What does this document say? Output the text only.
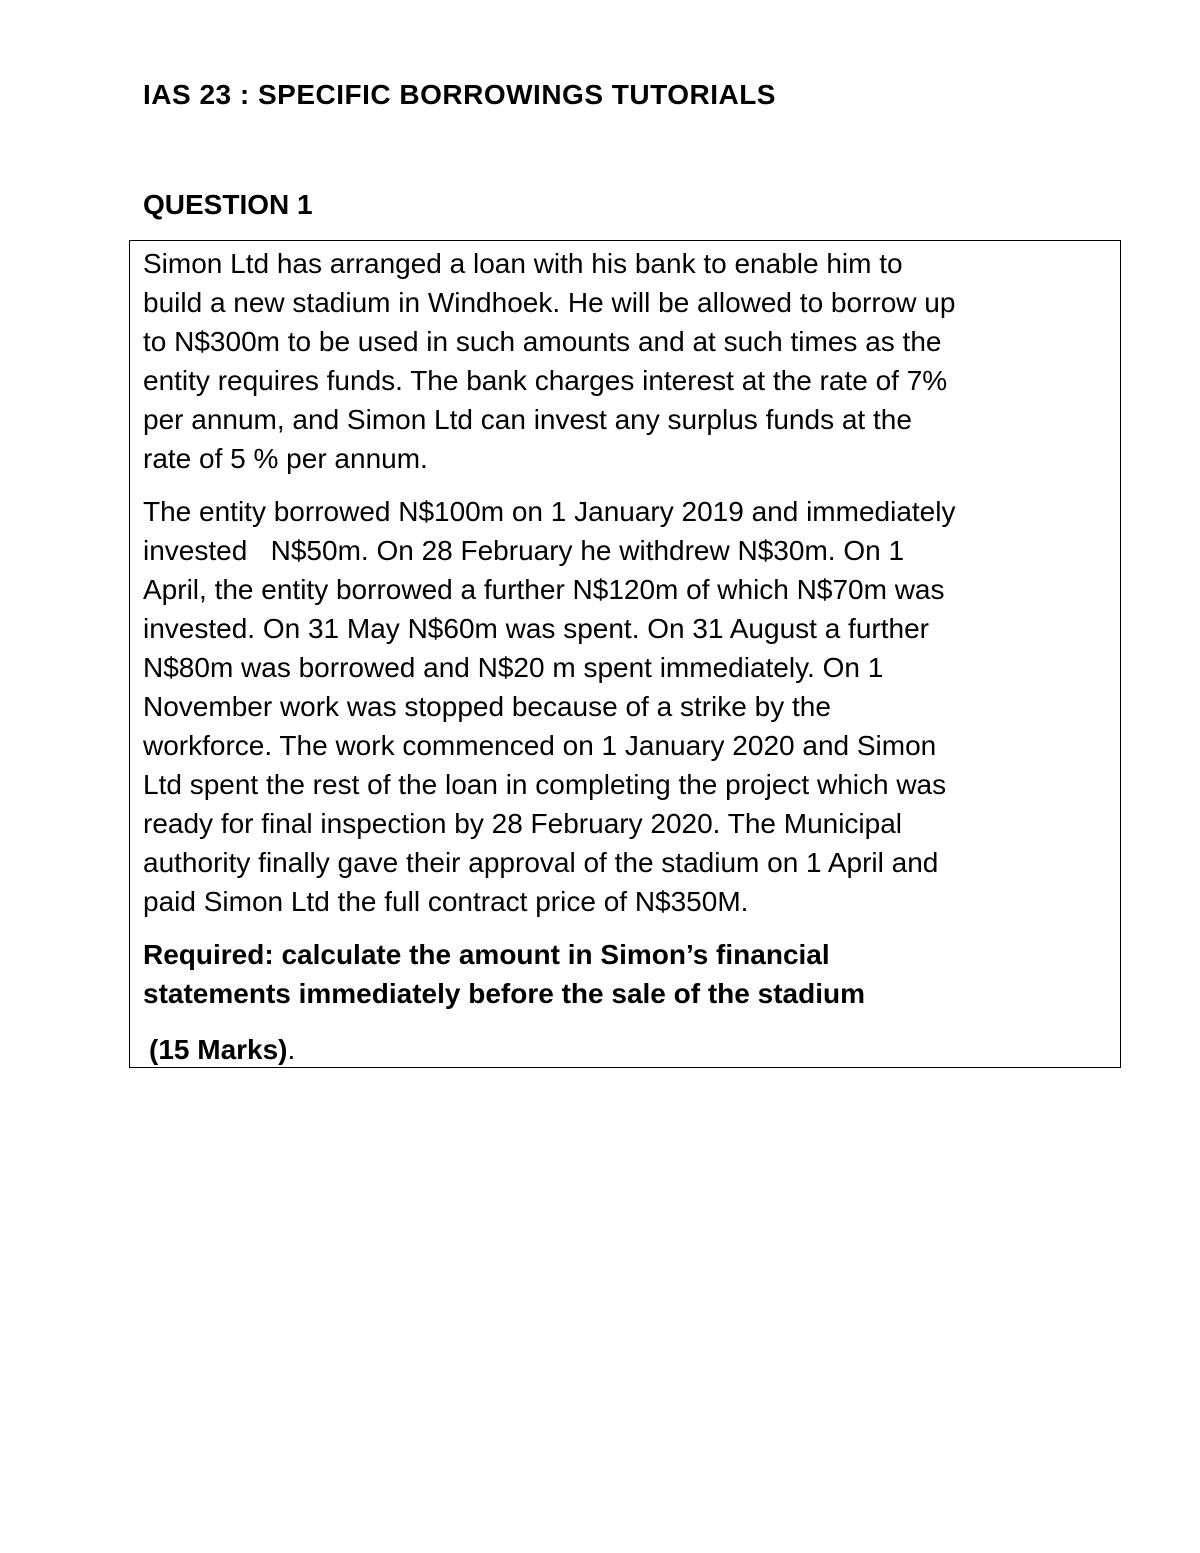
IAS 23 : SPECIFIC BORROWINGS TUTORIALS
QUESTION 1

Simon Ltd has arranged a loan with his bank to enable him to
build a new stadium in Windhoek. He will be allowed to borrow up
to N$300m to be used in such amounts and at such times as the
entity requires funds. The bank charges interest at the rate of 7%
per annum, and Simon Ltd can invest any surplus funds at the
rate of 5 % per annum.

The entity borrowed N$100m on 1 January 2019 and immediately
invested   N$50m. On 28 February he withdrew N$30m. On 1
April, the entity borrowed a further N$120m of which N$70m was
invested. On 31 May N$60m was spent. On 31 August a further
N$80m was borrowed and N$20 m spent immediately. On 1
November work was stopped because of a strike by the
workforce. The work commenced on 1 January 2020 and Simon
Ltd spent the rest of the loan in completing the project which was
ready for final inspection by 28 February 2020. The Municipal
authority finally gave their approval of the stadium on 1 April and
paid Simon Ltd the full contract price of N$350M.

Required: calculate the amount in Simon’s financial
statements immediately before the sale of the stadium

(15 Marks).
